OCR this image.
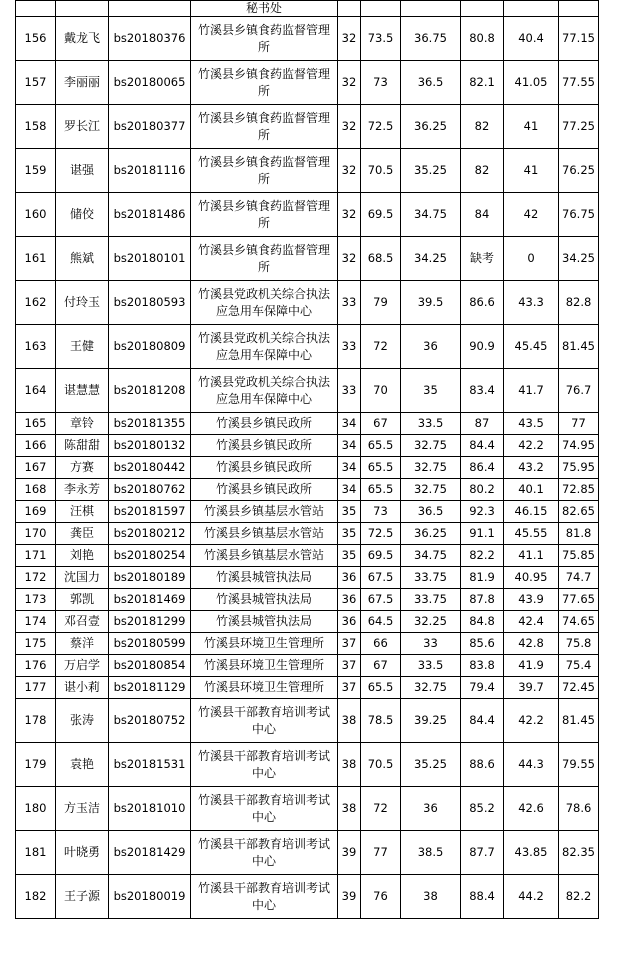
			秘书处						
156	戴龙飞	bs20180376	竹溪县乡镇食药监督管理所	32	73.5	36.75	80.8	40.4	77.15
157	李丽丽	bs20180065	竹溪县乡镇食药监督管理所	32	73	36.5	82.1	41.05	77.55
158	罗长江	bs20180377	竹溪县乡镇食药监督管理所	32	72.5	36.25	82	41	77.25
159	谌强	bs20181116	竹溪县乡镇食药监督管理所	32	70.5	35.25	82	41	76.25
160	储佼	bs20181486	竹溪县乡镇食药监督管理所	32	69.5	34.75	84	42	76.75
161	熊斌	bs20180101	竹溪县乡镇食药监督管理所	32	68.5	34.25	缺考	0	34.25
162	付玲玉	bs20180593	竹溪县党政机关综合执法应急用车保障中心	33	79	39.5	86.6	43.3	82.8
163	王健	bs20180809	竹溪县党政机关综合执法应急用车保障中心	33	72	36	90.9	45.45	81.45
164	谌慧慧	bs20181208	竹溪县党政机关综合执法应急用车保障中心	33	70	35	83.4	41.7	76.7
165	章铃	bs20181355	竹溪县乡镇民政所	34	67	33.5	87	43.5	77
166	陈甜甜	bs20180132	竹溪县乡镇民政所	34	65.5	32.75	84.4	42.2	74.95
167	方赛	bs20180442	竹溪县乡镇民政所	34	65.5	32.75	86.4	43.2	75.95
168	李永芳	bs20180762	竹溪县乡镇民政所	34	65.5	32.75	80.2	40.1	72.85
169	汪棋	bs20181597	竹溪县乡镇基层水管站	35	73	36.5	92.3	46.15	82.65
170	龚臣	bs20180212	竹溪县乡镇基层水管站	35	72.5	36.25	91.1	45.55	81.8
171	刘艳	bs20180254	竹溪县乡镇基层水管站	35	69.5	34.75	82.2	41.1	75.85
172	沈国力	bs20180189	竹溪县城管执法局	36	67.5	33.75	81.9	40.95	74.7
173	郭凯	bs20181469	竹溪县城管执法局	36	67.5	33.75	87.8	43.9	77.65
174	邓召壹	bs20181299	竹溪县城管执法局	36	64.5	32.25	84.8	42.4	74.65
175	蔡洋	bs20180599	竹溪县环境卫生管理所	37	66	33	85.6	42.8	75.8
176	万启学	bs20180854	竹溪县环境卫生管理所	37	67	33.5	83.8	41.9	75.4
177	谌小莉	bs20181129	竹溪县环境卫生管理所	37	65.5	32.75	79.4	39.7	72.45
178	张涛	bs20180752	竹溪县干部教育培训考试中心	38	78.5	39.25	84.4	42.2	81.45
179	袁艳	bs20181531	竹溪县干部教育培训考试中心	38	70.5	35.25	88.6	44.3	79.55
180	方玉洁	bs20181010	竹溪县干部教育培训考试中心	38	72	36	85.2	42.6	78.6
181	叶晓勇	bs20181429	竹溪县干部教育培训考试中心	39	77	38.5	87.7	43.85	82.35
182	王子源	bs20180019	竹溪县干部教育培训考试中心	39	76	38	88.4	44.2	82.2
